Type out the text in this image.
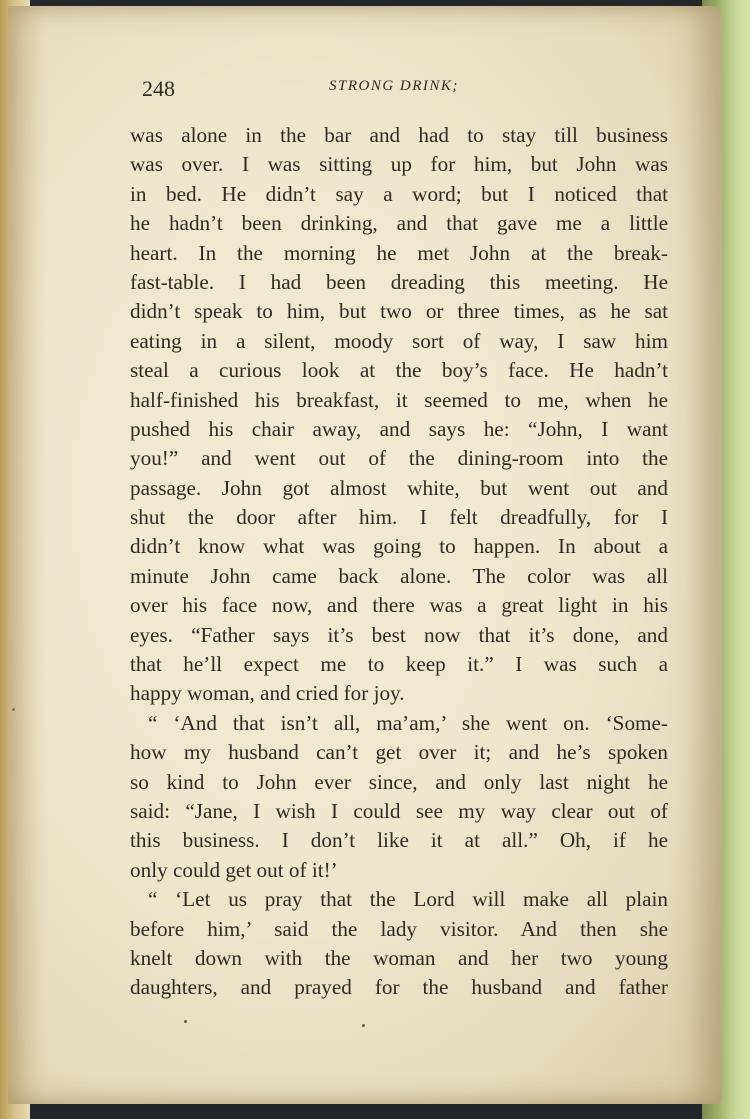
248	STRONG DRINK;
was alone in the bar and had to stay till business
was over. I was sitting up for him, but John was
in bed. He didn’t say a word; but I noticed that
he hadn’t been drinking, and that gave me a little
heart. In the morning he met John at the break-
fast-table. I had been dreading this meeting. He
didn’t speak to him, but two or three times, as he sat
eating in a silent, moody sort of way, I saw him
steal a curious look at the boy’s face. He hadn’t
half-finished his breakfast, it seemed to me, when he
pushed his chair away, and says he: “John, I want
you!” and went out of the dining-room into the
passage. John got almost white, but went out and
shut the door after him. I felt dreadfully, for I
didn’t know what was going to happen. In about a
minute John came back alone. The color was all
over his face now, and there was a great light in his
eyes. “Father says it’s best now that it’s done, and
that he’ll expect me to keep it.” I was such a
happy woman, and cried for joy.
“ ‘And that isn’t all, ma’am,’ she went on. ‘Some-
how my husband can’t get over it; and he’s spoken
so kind to John ever since, and only last night he
said: “Jane, I wish I could see my way clear out of
this business. I don’t like it at all.” Oh, if he
only could get out of it!’
“ ‘Let us pray that the Lord will make all plain
before him,’ said the lady visitor. And then she
knelt down with the woman and her two young
daughters, and prayed for the husband and father
